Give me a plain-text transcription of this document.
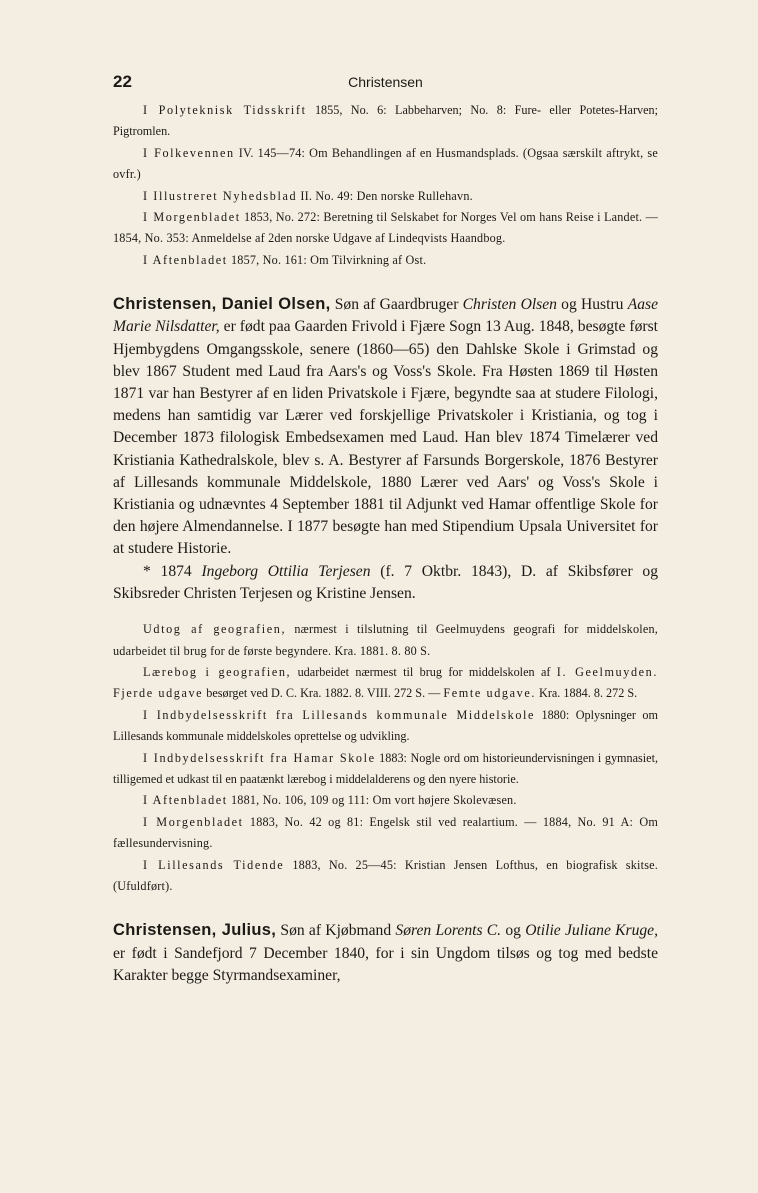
22	Christensen

I Polyteknisk Tidsskrift 1855, No. 6: Labbeharven; No. 8: Fure- eller Potetes-Harven; Pigtromlen.

I Folkevennen IV. 145—74: Om Behandlingen af en Husmandsplads. (Ogsaa særskilt aftrykt, se ovfr.)

I Illustreret Nyhedsblad II. No. 49: Den norske Rullehavn.

I Morgenbladet 1853, No. 272: Beretning til Selskabet for Norges Vel om hans Reise i Landet. — 1854, No. 353: Anmeldelse af 2den norske Udgave af Lindeqvists Haandbog.

I Aftenbladet 1857, No. 161: Om Tilvirkning af Ost.

Christensen, Daniel Olsen, Søn af Gaardbruger Christen Olsen og Hustru Aase Marie Nilsdatter, er født paa Gaarden Frivold i Fjære Sogn 13 Aug. 1848, besøgte først Hjembygdens Omgangsskole, senere (1860—65) den Dahlske Skole i Grimstad og blev 1867 Student med Laud fra Aars's og Voss's Skole. Fra Høsten 1869 til Høsten 1871 var han Bestyrer af en liden Privatskole i Fjære, begyndte saa at studere Filologi, medens han samtidig var Lærer ved forskjellige Privatskoler i Kristiania, og tog i December 1873 filologisk Embedsexamen med Laud. Han blev 1874 Timelærer ved Kristiania Kathedralskole, blev s. A. Bestyrer af Farsunds Borgerskole, 1876 Bestyrer af Lillesands kommunale Middelskole, 1880 Lærer ved Aars' og Voss's Skole i Kristiania og udnævntes 4 September 1881 til Adjunkt ved Hamar offentlige Skole for den højere Almendannelse. I 1877 besøgte han med Stipendium Upsala Universitet for at studere Historie.

* 1874 Ingeborg Ottilia Terjesen (f. 7 Oktbr. 1843), D. af Skibsfører og Skibsreder Christen Terjesen og Kristine Jensen.

Udtog af geografien, nærmest i tilslutning til Geelmuydens geografi for middelskolen, udarbeidet til brug for de første begyndere. Kra. 1881. 8. 80 S.

Lærebog i geografien, udarbeidet nærmest til brug for middelskolen af I. Geelmuyden. Fjerde udgave besørget ved D. C. Kra. 1882. 8. VIII. 272 S. — Femte udgave. Kra. 1884. 8. 272 S.

I Indbydelsesskrift fra Lillesands kommunale Middelskole 1880: Oplysninger om Lillesands kommunale middelskoles oprettelse og udvikling.

I Indbydelsesskrift fra Hamar Skole 1883: Nogle ord om historieundervisningen i gymnasiet, tilligemed et udkast til en paatænkt lærebog i middelalderens og den nyere historie.

I Aftenbladet 1881, No. 106, 109 og 111: Om vort højere Skolevæsen.

I Morgenbladet 1883, No. 42 og 81: Engelsk stil ved realartium. — 1884, No. 91 A: Om fællesundervisning.

I Lillesands Tidende 1883, No. 25—45: Kristian Jensen Lofthus, en biografisk skitse. (Ufuldført).

Christensen, Julius, Søn af Kjøbmand Søren Lorents C. og Otilie Juliane Kruge, er født i Sandefjord 7 December 1840, for i sin Ungdom tilsøs og tog med bedste Karakter begge Styrmandsexaminer,
